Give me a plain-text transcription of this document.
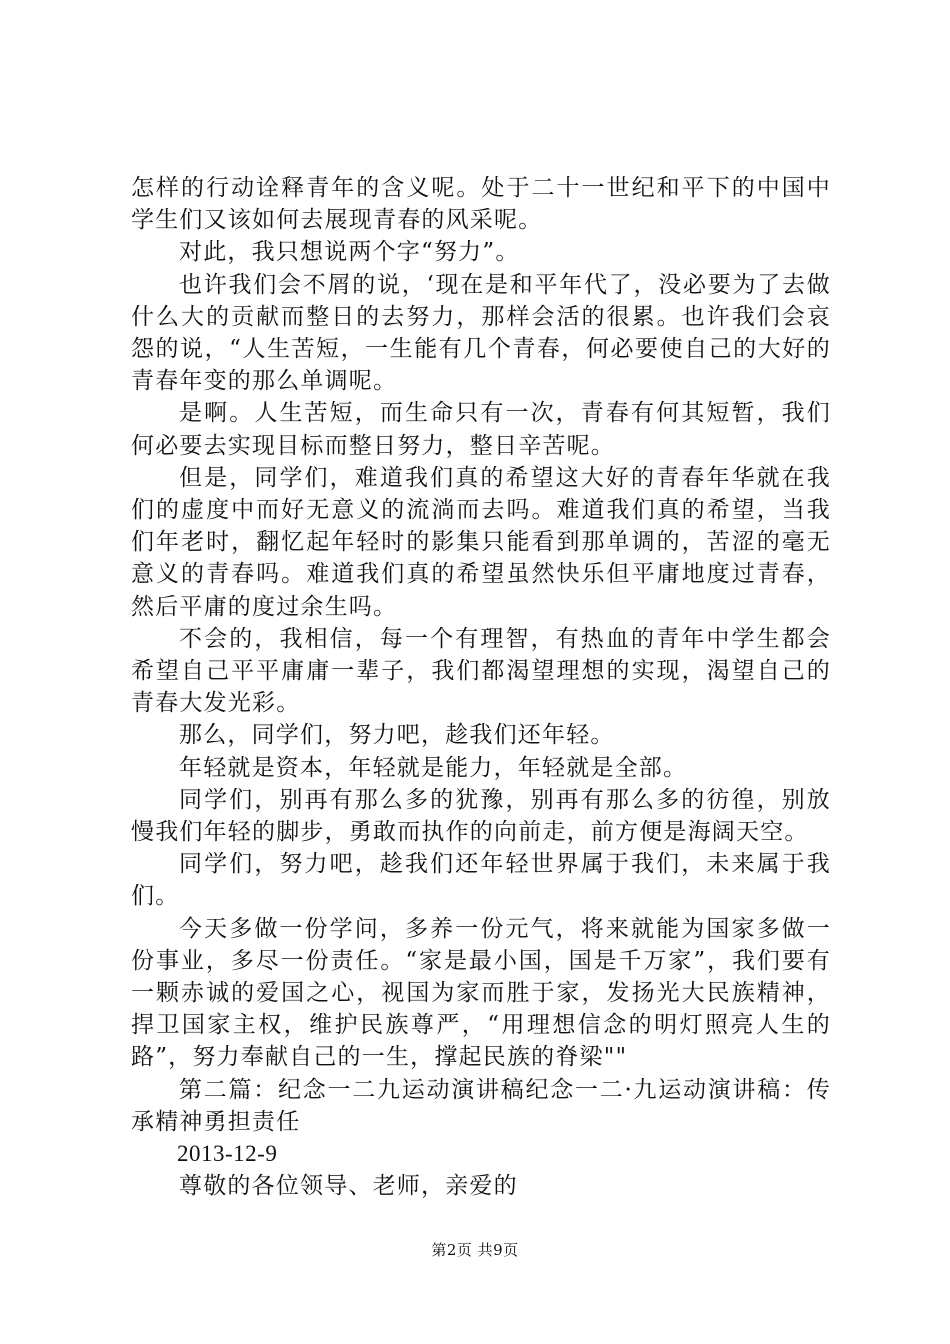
怎样的行动诠释青年的含义呢。处于二十一世纪和平下的中国中学生们又该如何去展现青春的风采呢。

对此，我只想说两个字“努力”。

也许我们会不屑的说，‘现在是和平年代了，没必要为了去做什么大的贡献而整日的去努力，那样会活的很累。也许我们会哀怨的说，“人生苦短，一生能有几个青春，何必要使自己的大好的青春年变的那么单调呢。

是啊。人生苦短，而生命只有一次，青春有何其短暂，我们何必要去实现目标而整日努力，整日辛苦呢。

但是，同学们，难道我们真的希望这大好的青春年华就在我们的虚度中而好无意义的流淌而去吗。难道我们真的希望，当我们年老时，翻忆起年轻时的影集只能看到那单调的，苦涩的毫无意义的青春吗。难道我们真的希望虽然快乐但平庸地度过青春，然后平庸的度过余生吗。

不会的，我相信，每一个有理智，有热血的青年中学生都会希望自己平平庸庸一辈子，我们都渴望理想的实现，渴望自己的青春大发光彩。

那么，同学们，努力吧，趁我们还年轻。

年轻就是资本，年轻就是能力，年轻就是全部。

同学们，别再有那么多的犹豫，别再有那么多的彷徨，别放慢我们年轻的脚步，勇敢而执作的向前走，前方便是海阔天空。

同学们，努力吧，趁我们还年轻世界属于我们，未来属于我们。

今天多做一份学问，多养一份元气，将来就能为国家多做一份事业，多尽一份责任。“家是最小国，国是千万家”，我们要有一颗赤诚的爱国之心，视国为家而胜于家，发扬光大民族精神，捍卫国家主权，维护民族尊严，“用理想信念的明灯照亮人生的路”，努力奉献自己的一生，撑起民族的脊梁""

第二篇：纪念一二九运动演讲稿纪念一二·九运动演讲稿：传承精神勇担责任

2013-12-9

尊敬的各位领导、老师，亲爱的

第2页 共9页
